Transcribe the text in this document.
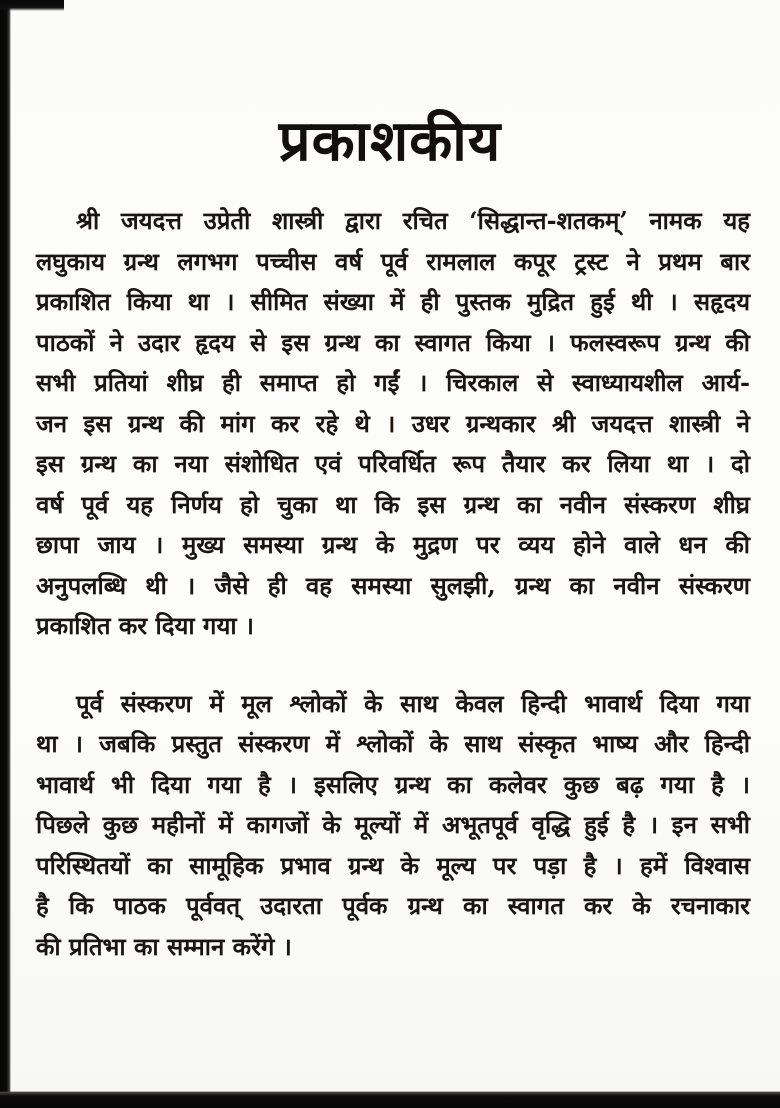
प्रकाशकीय
श्री जयदत्त उप्रेती शास्त्री द्वारा रचित ‘सिद्धान्त-शतकम्’ नामक यह
लघुकाय ग्रन्थ लगभग पच्चीस वर्ष पूर्व रामलाल कपूर ट्रस्ट ने प्रथम बार
प्रकाशित किया था । सीमित संख्या में ही पुस्तक मुद्रित हुई थी । सहृदय
पाठकों ने उदार हृदय से इस ग्रन्थ का स्वागत किया । फलस्वरूप ग्रन्थ की
सभी प्रतियां शीघ्र ही समाप्त हो गईं । चिरकाल से स्वाध्यायशील आर्य-
जन इस ग्रन्थ की मांग कर रहे थे । उधर ग्रन्थकार श्री जयदत्त शास्त्री ने
इस ग्रन्थ का नया संशोधित एवं परिवर्धित रूप तैयार कर लिया था । दो
वर्ष पूर्व यह निर्णय हो चुका था कि इस ग्रन्थ का नवीन संस्करण शीघ्र
छापा जाय । मुख्य समस्या ग्रन्थ के मुद्रण पर व्यय होने वाले धन की
अनुपलब्धि थी । जैसे ही वह समस्या सुलझी, ग्रन्थ का नवीन संस्करण
प्रकाशित कर दिया गया ।
पूर्व संस्करण में मूल श्लोकों के साथ केवल हिन्दी भावार्थ दिया गया
था । जबकि प्रस्तुत संस्करण में श्लोकों के साथ संस्कृत भाष्य और हिन्दी
भावार्थ भी दिया गया है । इसलिए ग्रन्थ का कलेवर कुछ बढ़ गया है ।
पिछले कुछ महीनों में कागजों के मूल्यों में अभूतपूर्व वृद्धि हुई है । इन सभी
परिस्थितयों का सामूहिक प्रभाव ग्रन्थ के मूल्य पर पड़ा है । हमें विश्वास
है कि पाठक पूर्ववत् उदारता पूर्वक ग्रन्थ का स्वागत कर के रचनाकार
की प्रतिभा का सम्मान करेंगे ।
